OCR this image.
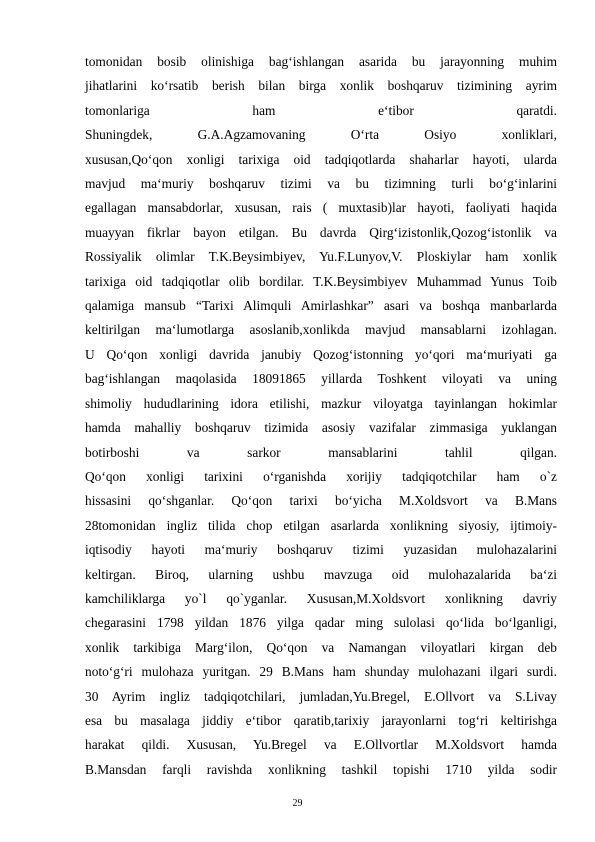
tomonidan bosib olinishiga bag‘ishlangan asarida bu jarayonning muhim
jihatlarini ko‘rsatib berish bilan birga xonlik boshqaruv tizimining ayrim
tomonlariga ham e‘tibor qaratdi.

Shuningdek, G.A.Agzamovaning O‘rta Osiyo xonliklari,
xususan,Qo‘qon xonligi tarixiga oid tadqiqotlarda shaharlar hayoti, ularda
mavjud ma‘muriy boshqaruv tizimi va bu tizimning turli bo‘g‘inlarini
egallagan mansabdorlar, xususan, rais ( muxtasib)lar hayoti, faoliyati haqida
muayyan fikrlar bayon etilgan. Bu davrda Qirg‘izistonlik,Qozog‘istonlik va
Rossiyalik olimlar T.K.Beysimbiyev, Yu.F.Lunyov,V. Ploskiylar ham xonlik
tarixiga oid tadqiqotlar olib bordilar. T.K.Beysimbiyev Muhammad Yunus Toib
qalamiga mansub “Tarixi Alimquli Amirlashkar” asari va boshqa manbarlarda
keltirilgan ma‘lumotlarga asoslanib,xonlikda mavjud mansablarni izohlagan.
U Qo‘qon xonligi davrida janubiy Qozog‘istonning yo‘qori ma‘muriyati ga
bag‘ishlangan maqolasida 18091865 yillarda Toshkent viloyati va uning
shimoliy hududlarining idora etilishi, mazkur viloyatga tayinlangan hokimlar
hamda mahalliy boshqaruv tizimida asosiy vazifalar zimmasiga yuklangan
botirboshi va sarkor mansablarini tahlil qilgan.

Qo‘qon xonligi tarixini o‘rganishda xorijiy tadqiqotchilar ham o`z
hissasini qo‘shganlar. Qo‘qon tarixi bo‘yicha M.Xoldsvort va B.Mans
28tomonidan ingliz tilida chop etilgan asarlarda xonlikning siyosiy, ijtimoiy-
iqtisodiy hayoti ma‘muriy boshqaruv tizimi yuzasidan mulohazalarini
keltirgan. Biroq, ularning ushbu mavzuga oid mulohazalarida ba‘zi
kamchiliklarga yo`l qo`yganlar. Xususan,M.Xoldsvort xonlikning davriy
chegarasini 1798 yildan 1876 yilga qadar ming sulolasi qo‘lida bo‘lganligi,
xonlik tarkibiga Marg‘ilon, Qo‘qon va Namangan viloyatlari kirgan deb
noto‘g‘ri mulohaza yuritgan. 29 B.Mans ham shunday mulohazani ilgari surdi.
30 Ayrim ingliz tadqiqotchilari, jumladan,Yu.Bregel, E.Ollvort va S.Livay
esa bu masalaga jiddiy e‘tibor qaratib,tarixiy jarayonlarni tog‘ri keltirishga
harakat qildi. Xususan, Yu.Bregel va E.Ollvortlar M.Xoldsvort hamda
B.Mansdan farqli ravishda xonlikning tashkil topishi 1710 yilda sodir

29
